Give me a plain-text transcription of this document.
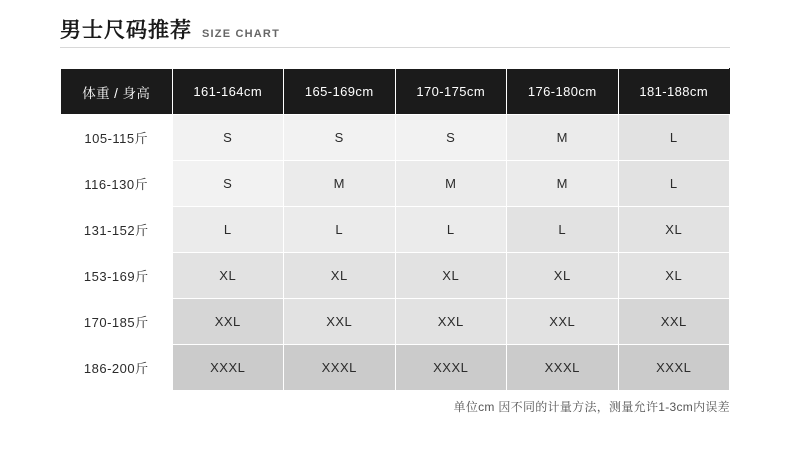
男士尺码推荐 SIZE CHART
体重 / 身高	161-164cm	165-169cm	170-175cm	176-180cm	181-188cm
105-115斤	S	S	S	M	L
116-130斤	S	M	M	M	L
131-152斤	L	L	L	L	XL
153-169斤	XL	XL	XL	XL	XL
170-185斤	XXL	XXL	XXL	XXL	XXL
186-200斤	XXXL	XXXL	XXXL	XXXL	XXXL
单位cm 因不同的计量方法，测量允许1-3cm内误差
